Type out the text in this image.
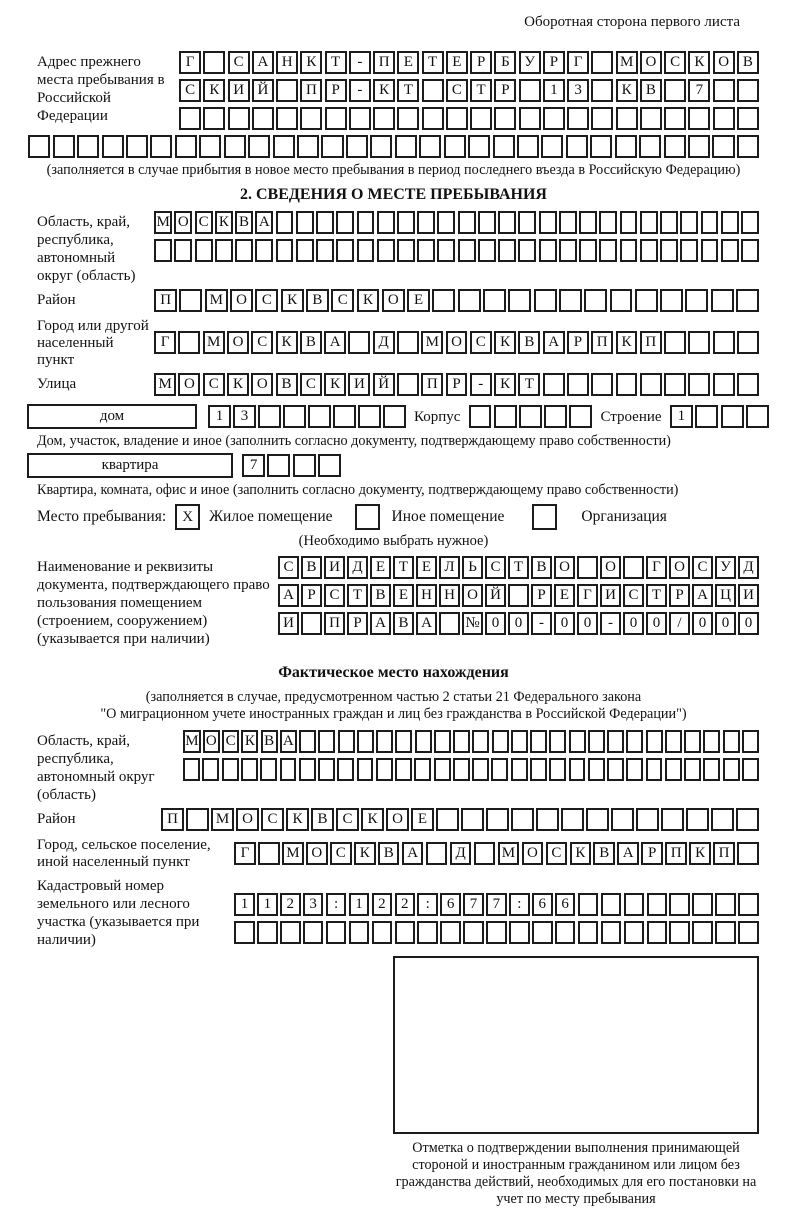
Оборотная сторона первого листа
Адрес прежнего места пребывания в Российской Федерации
Г	С А Н К Т	-	П Е	Т	Е	Р	Б У Р	Г	М О С К О В
С К И Й	П Р	-	К Т	С Т	Р	1	3	К В	7
(заполняется в случае прибытия в новое место пребывания в период последнего въезда в Российскую Федерацию)
2. СВЕДЕНИЯ О МЕСТЕ ПРЕБЫВАНИЯ
Область, край, республика, автономный округ (область)
М О С К В А
Район	П	М О С	К	В	С	К О	Е
Город или другой населенный пункт
Г	М О С К В А	Д	М О С К В А Р П К П
Улица	М О С К О В С К И Й	П Р	-	К Т
дом	1	3	Корпус	Строение	1
Дом, участок, владение и иное (заполнить согласно документу, подтверждающему право собственности)
квартира	7
Квартира, комната, офис и иное (заполнить согласно документу, подтверждающему право собственности)
Место пребывания:	X	Жилое помещение	Иное помещение	Организация
(Необходимо выбрать нужное)
Наименование и реквизиты документа, подтверждающего право пользования помещением (строением, сооружением) (указывается при наличии)
С В И Д Е Т Е Л Ь С Т В О	О	Г О С У Д
А Р С Т В Е Н Н О Й	Р Е Г И С Т Р А Ц И
И	П Р А В А	№ 0	0	-	0	0	-	0	0	/	0	0	0
Фактическое место нахождения
(заполняется в случае, предусмотренном частью 2 статьи 21 Федерального закона
"О миграционном учете иностранных граждан и лиц без гражданства в Российской Федерации")
Область, край, республика, автономный округ (область)
М О С К В А
Район	П	М О С К В С К О Е
Город, сельское поселение, иной населенный пункт
Г	М О С К В А	Д	М О С К В А Р П К П
Кадастровый номер земельного или лесного участка (указывается при наличии)
1	1	2	3	:	1	2	2	:	6	7	7	:	6	6
Отметка о подтверждении выполнения принимающей стороной и иностранным гражданином или лицом без гражданства действий, необходимых для его постановки на учет по месту пребывания
